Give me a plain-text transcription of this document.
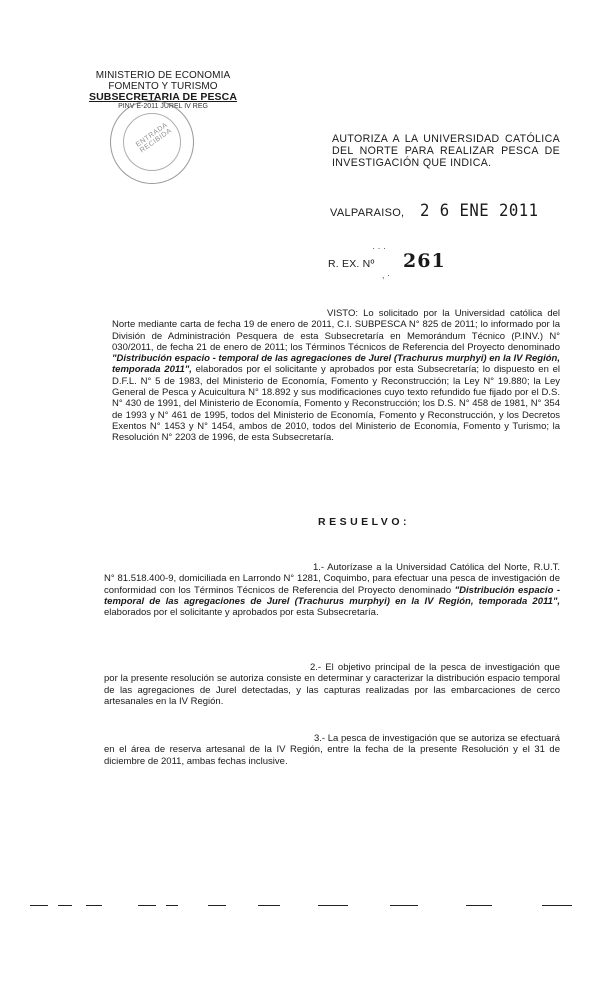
MINISTERIO DE ECONOMIA
FOMENTO Y TURISMO
SUBSECRETARIA DE PESCA
PINV E-2011 JUREL IV REG
ENTRADA RECIBIDA	AUTORIZA A LA UNIVERSIDAD CATÓLICA DEL NORTE PARA REALIZAR PESCA DE INVESTIGACIÓN QUE INDICA.
VALPARAISO, 2 6 ENE 2011
· · ·
R. EX. Nº 261
, ·
VISTO: Lo solicitado por la Universidad católica del Norte mediante carta de fecha 19 de enero de 2011, C.I. SUBPESCA N° 825 de 2011; lo informado por la División de Administración Pesquera de esta Subsecretaría en Memorándum Técnico (P.INV.) N° 030/2011, de fecha 21 de enero de 2011; los Términos Técnicos de Referencia del Proyecto denominado "Distribución espacio - temporal de las agregaciones de Jurel (Trachurus murphyi) en la IV Región, temporada 2011", elaborados por el solicitante y aprobados por esta Subsecretaría; lo dispuesto en el D.F.L. N° 5 de 1983, del Ministerio de Economía, Fomento y Reconstrucción; la Ley N° 19.880; la Ley General de Pesca y Acuicultura N° 18.892 y sus modificaciones cuyo texto refundido fue fijado por el D.S. N° 430 de 1991, del Ministerio de Economía, Fomento y Reconstrucción; los D.S. N° 458 de 1981, N° 354 de 1993 y N° 461 de 1995, todos del Ministerio de Economía, Fomento y Reconstrucción, y los Decretos Exentos N° 1453 y N° 1454, ambos de 2010, todos del Ministerio de Economía, Fomento y Turismo; la Resolución N° 2203 de 1996, de esta Subsecretaría.
RESUELVO:
1.- Autorízase a la Universidad Católica del Norte, R.U.T. N° 81.518.400-9, domiciliada en Larrondo N° 1281, Coquimbo, para efectuar una pesca de investigación de conformidad con los Términos Técnicos de Referencia del Proyecto denominado "Distribución espacio - temporal de las agregaciones de Jurel (Trachurus murphyi) en la IV Región, temporada 2011", elaborados por el solicitante y aprobados por esta Subsecretaría.
2.- El objetivo principal de la pesca de investigación que por la presente resolución se autoriza consiste en determinar y caracterizar la distribución espacio temporal de las agregaciones de Jurel detectadas, y las capturas realizadas por las embarcaciones de cerco artesanales en la IV Región.
3.- La pesca de investigación que se autoriza se efectuará en el área de reserva artesanal de la IV Región, entre la fecha de la presente Resolución y el 31 de diciembre de 2011, ambas fechas inclusive.
